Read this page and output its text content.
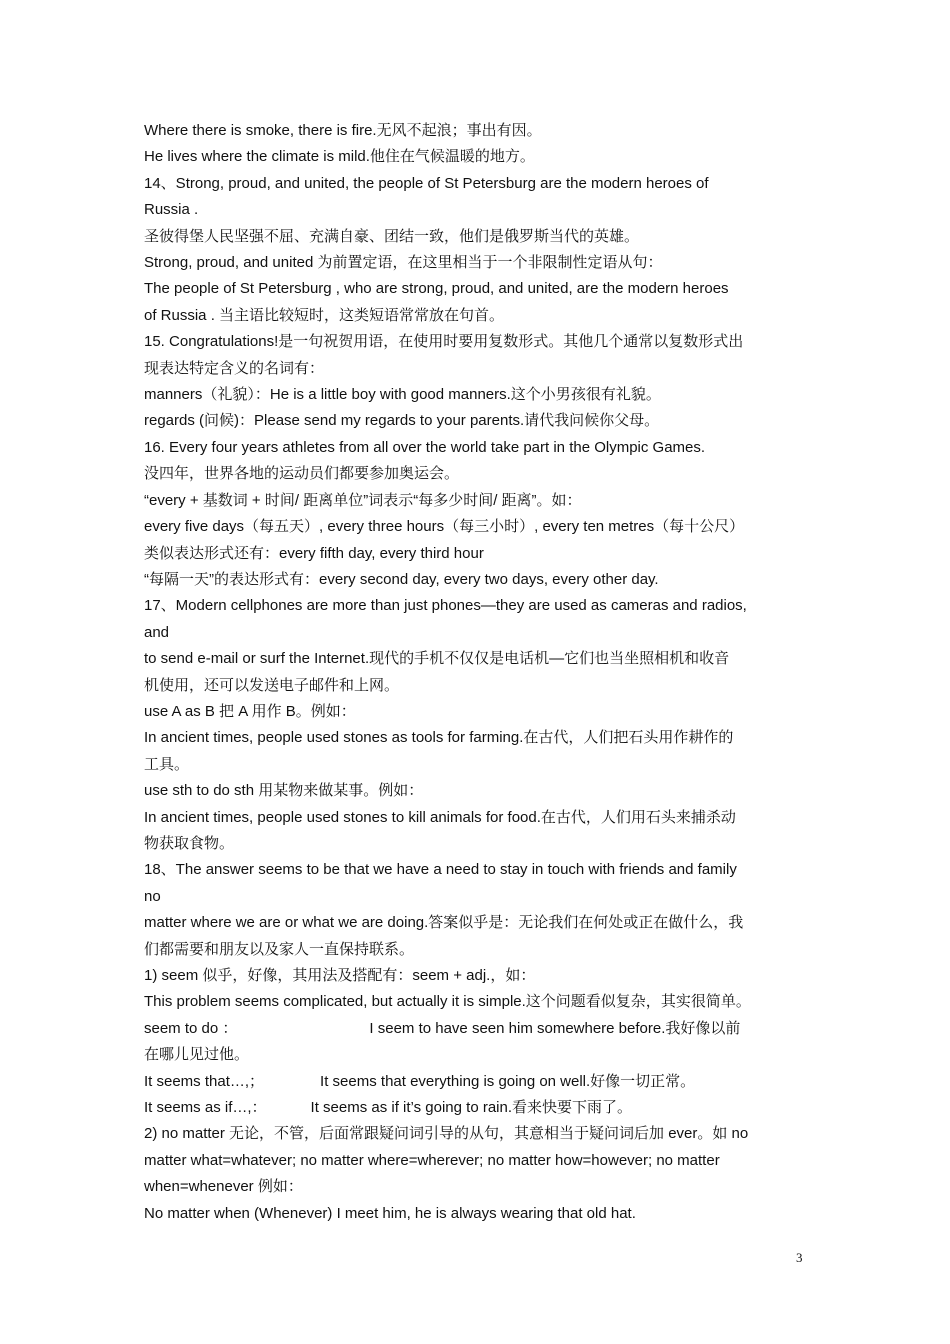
Where there is smoke, there is fire.无风不起浪；事出有因。

He lives where the climate is mild.他住在气候温暖的地方。

14、Strong, proud, and united, the people of St Petersburg are the modern heroes of

Russia .

圣彼得堡人民坚强不屈、充满自豪、团结一致，他们是俄罗斯当代的英雄。

Strong, proud, and united 为前置定语，在这里相当于一个非限制性定语从句：

The people of St Petersburg , who are strong, proud, and united, are the modern heroes

of Russia . 当主语比较短时，这类短语常常放在句首。

15. Congratulations!是一句祝贺用语，在使用时要用复数形式。其他几个通常以复数形式出

现表达特定含义的名词有：

manners（礼貌）：He is a little boy with good manners.这个小男孩很有礼貌。

regards (问候)：Please send my regards to your parents.请代我问候你父母。

16. Every four years athletes from all over the world take part in the Olympic Games.

没四年，世界各地的运动员们都要参加奥运会。

“every + 基数词 + 时间/ 距离单位”词表示“每多少时间/ 距离”。如：

every five days（每五天）, every three hours（每三小时）, every ten metres（每十公尺）

类似表达形式还有：every fifth day, every third hour

“每隔一天”的表达形式有：every second day, every two days, every other day.

17、Modern cellphones are more than just phones—they are used as cameras and radios,

and

to send e-mail or surf the Internet.现代的手机不仅仅是电话机—它们也当坐照相机和收音

机使用，还可以发送电子邮件和上网。

use A as B 把 A 用作 B。例如：

In ancient times, people used stones as tools for farming.在古代，人们把石头用作耕作的

工具。

use sth to do sth 用某物来做某事。例如：

In ancient times, people used stones to kill animals for food.在古代，人们用石头来捕杀动

物获取食物。

18、The answer seems to be that we have a need to stay in touch with friends and family

no

matter where we are or what we are doing.答案似乎是：无论我们在何处或正在做什么，我

们都需要和朋友以及家人一直保持联系。

1) seem 似乎，好像，其用法及搭配有：seem + adj.，如：

This problem seems complicated, but actually it is simple.这个问题看似复杂，其实很简单。

seem to do ：	I seem to have seen him somewhere before.我好像以前

在哪儿见过他。

It seems that…,；	It seems that everything is going on well.好像一切正常。

It seems as if…,：	It seems as if it’s going to rain.看来快要下雨了。

2) no matter 无论，不管，后面常跟疑问词引导的从句，其意相当于疑问词后加 ever。如 no

matter what=whatever; no matter where=wherever; no matter how=however; no matter

when=whenever 例如：

No matter when (Whenever) I meet him, he is always wearing that old hat.

3
